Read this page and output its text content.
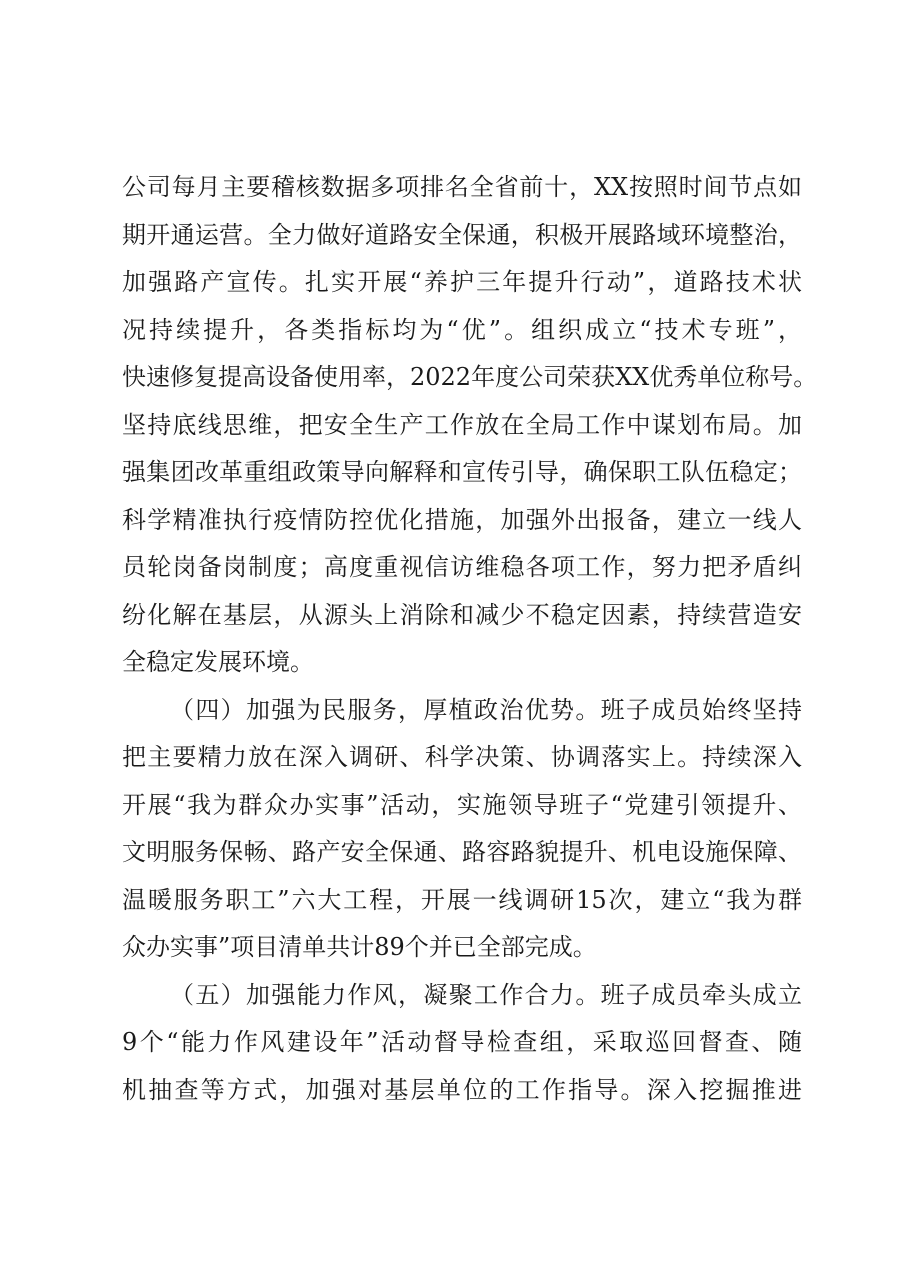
公司每月主要稽核数据多项排名全省前十，XX按照时间节点如
期开通运营。全力做好道路安全保通，积极开展路域环境整治，
加强路产宣传。扎实开展“养护三年提升行动”，道路技术状
况持续提升，各类指标均为“优”。组织成立“技术专班”，
快速修复提高设备使用率，2022年度公司荣获XX优秀单位称号。
坚持底线思维，把安全生产工作放在全局工作中谋划布局。加
强集团改革重组政策导向解释和宣传引导，确保职工队伍稳定；
科学精准执行疫情防控优化措施，加强外出报备，建立一线人
员轮岗备岗制度；高度重视信访维稳各项工作，努力把矛盾纠
纷化解在基层，从源头上消除和减少不稳定因素，持续营造安
全稳定发展环境。
（四）加强为民服务，厚植政治优势。班子成员始终坚持
把主要精力放在深入调研、科学决策、协调落实上。持续深入
开展“我为群众办实事”活动，实施领导班子“党建引领提升、
文明服务保畅、路产安全保通、路容路貌提升、机电设施保障、
温暖服务职工”六大工程，开展一线调研15次，建立“我为群
众办实事”项目清单共计89个并已全部完成。
（五）加强能力作风，凝聚工作合力。班子成员牵头成立
9个“能力作风建设年”活动督导检查组，采取巡回督查、随
机抽查等方式，加强对基层单位的工作指导。深入挖掘推进
